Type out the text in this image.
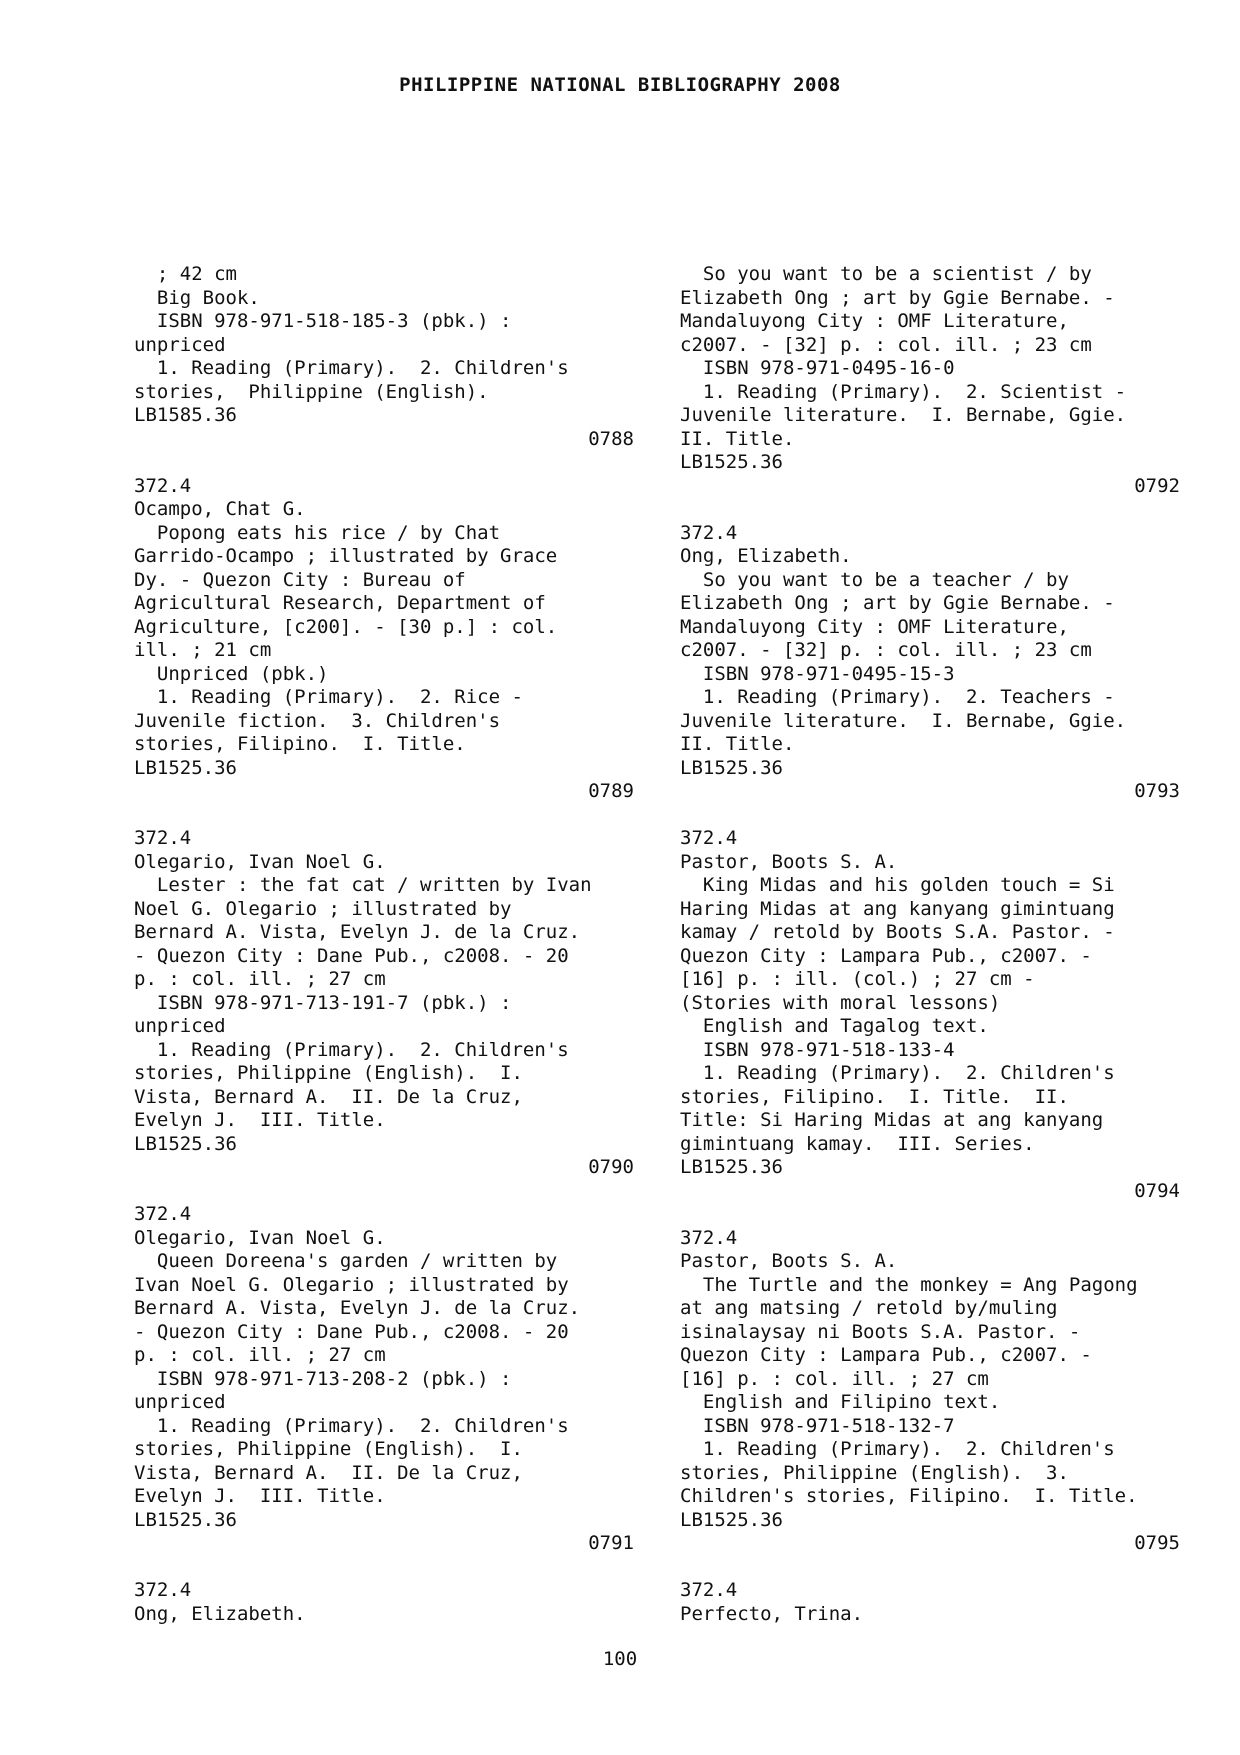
PHILIPPINE NATIONAL BIBLIOGRAPHY 2008
; 42 cm
Big Book.
ISBN 978-971-518-185-3 (pbk.) :
unpriced
1. Reading (Primary).  2. Children's
stories,  Philippine (English).
LB1585.36
0788
372.4
Ocampo, Chat G.
Popong eats his rice / by Chat
Garrido-Ocampo ; illustrated by Grace
Dy. - Quezon City : Bureau of
Agricultural Research, Department of
Agriculture, [c200]. - [30 p.] : col.
ill. ; 21 cm
Unpriced (pbk.)
1. Reading (Primary).  2. Rice -
Juvenile fiction.  3. Children's
stories, Filipino.  I. Title.
LB1525.36
0789
372.4
Olegario, Ivan Noel G.
Lester : the fat cat / written by Ivan
Noel G. Olegario ; illustrated by
Bernard A. Vista, Evelyn J. de la Cruz.
- Quezon City : Dane Pub., c2008. - 20
p. : col. ill. ; 27 cm
ISBN 978-971-713-191-7 (pbk.) :
unpriced
1. Reading (Primary).  2. Children's
stories, Philippine (English).  I.
Vista, Bernard A.  II. De la Cruz,
Evelyn J.  III. Title.
LB1525.36
0790
372.4
Olegario, Ivan Noel G.
Queen Doreena's garden / written by
Ivan Noel G. Olegario ; illustrated by
Bernard A. Vista, Evelyn J. de la Cruz.
- Quezon City : Dane Pub., c2008. - 20
p. : col. ill. ; 27 cm
ISBN 978-971-713-208-2 (pbk.) :
unpriced
1. Reading (Primary).  2. Children's
stories, Philippine (English).  I.
Vista, Bernard A.  II. De la Cruz,
Evelyn J.  III. Title.
LB1525.36
0791
372.4
Ong, Elizabeth.
So you want to be a scientist / by
Elizabeth Ong ; art by Ggie Bernabe. -
Mandaluyong City : OMF Literature,
c2007. - [32] p. : col. ill. ; 23 cm
ISBN 978-971-0495-16-0
1. Reading (Primary).  2. Scientist -
Juvenile literature.  I. Bernabe, Ggie.
II. Title.
LB1525.36
0792
372.4
Ong, Elizabeth.
So you want to be a teacher / by
Elizabeth Ong ; art by Ggie Bernabe. -
Mandaluyong City : OMF Literature,
c2007. - [32] p. : col. ill. ; 23 cm
ISBN 978-971-0495-15-3
1. Reading (Primary).  2. Teachers -
Juvenile literature.  I. Bernabe, Ggie.
II. Title.
LB1525.36
0793
372.4
Pastor, Boots S. A.
King Midas and his golden touch = Si
Haring Midas at ang kanyang gimintuang
kamay / retold by Boots S.A. Pastor. -
Quezon City : Lampara Pub., c2007. -
[16] p. : ill. (col.) ; 27 cm -
(Stories with moral lessons)
English and Tagalog text.
ISBN 978-971-518-133-4
1. Reading (Primary).  2. Children's
stories, Filipino.  I. Title.  II.
Title: Si Haring Midas at ang kanyang
gimintuang kamay.  III. Series.
LB1525.36
0794
372.4
Pastor, Boots S. A.
The Turtle and the monkey = Ang Pagong
at ang matsing / retold by/muling
isinalaysay ni Boots S.A. Pastor. -
Quezon City : Lampara Pub., c2007. -
[16] p. : col. ill. ; 27 cm
English and Filipino text.
ISBN 978-971-518-132-7
1. Reading (Primary).  2. Children's
stories, Philippine (English).  3.
Children's stories, Filipino.  I. Title.
LB1525.36
0795
372.4
Perfecto, Trina.
100
